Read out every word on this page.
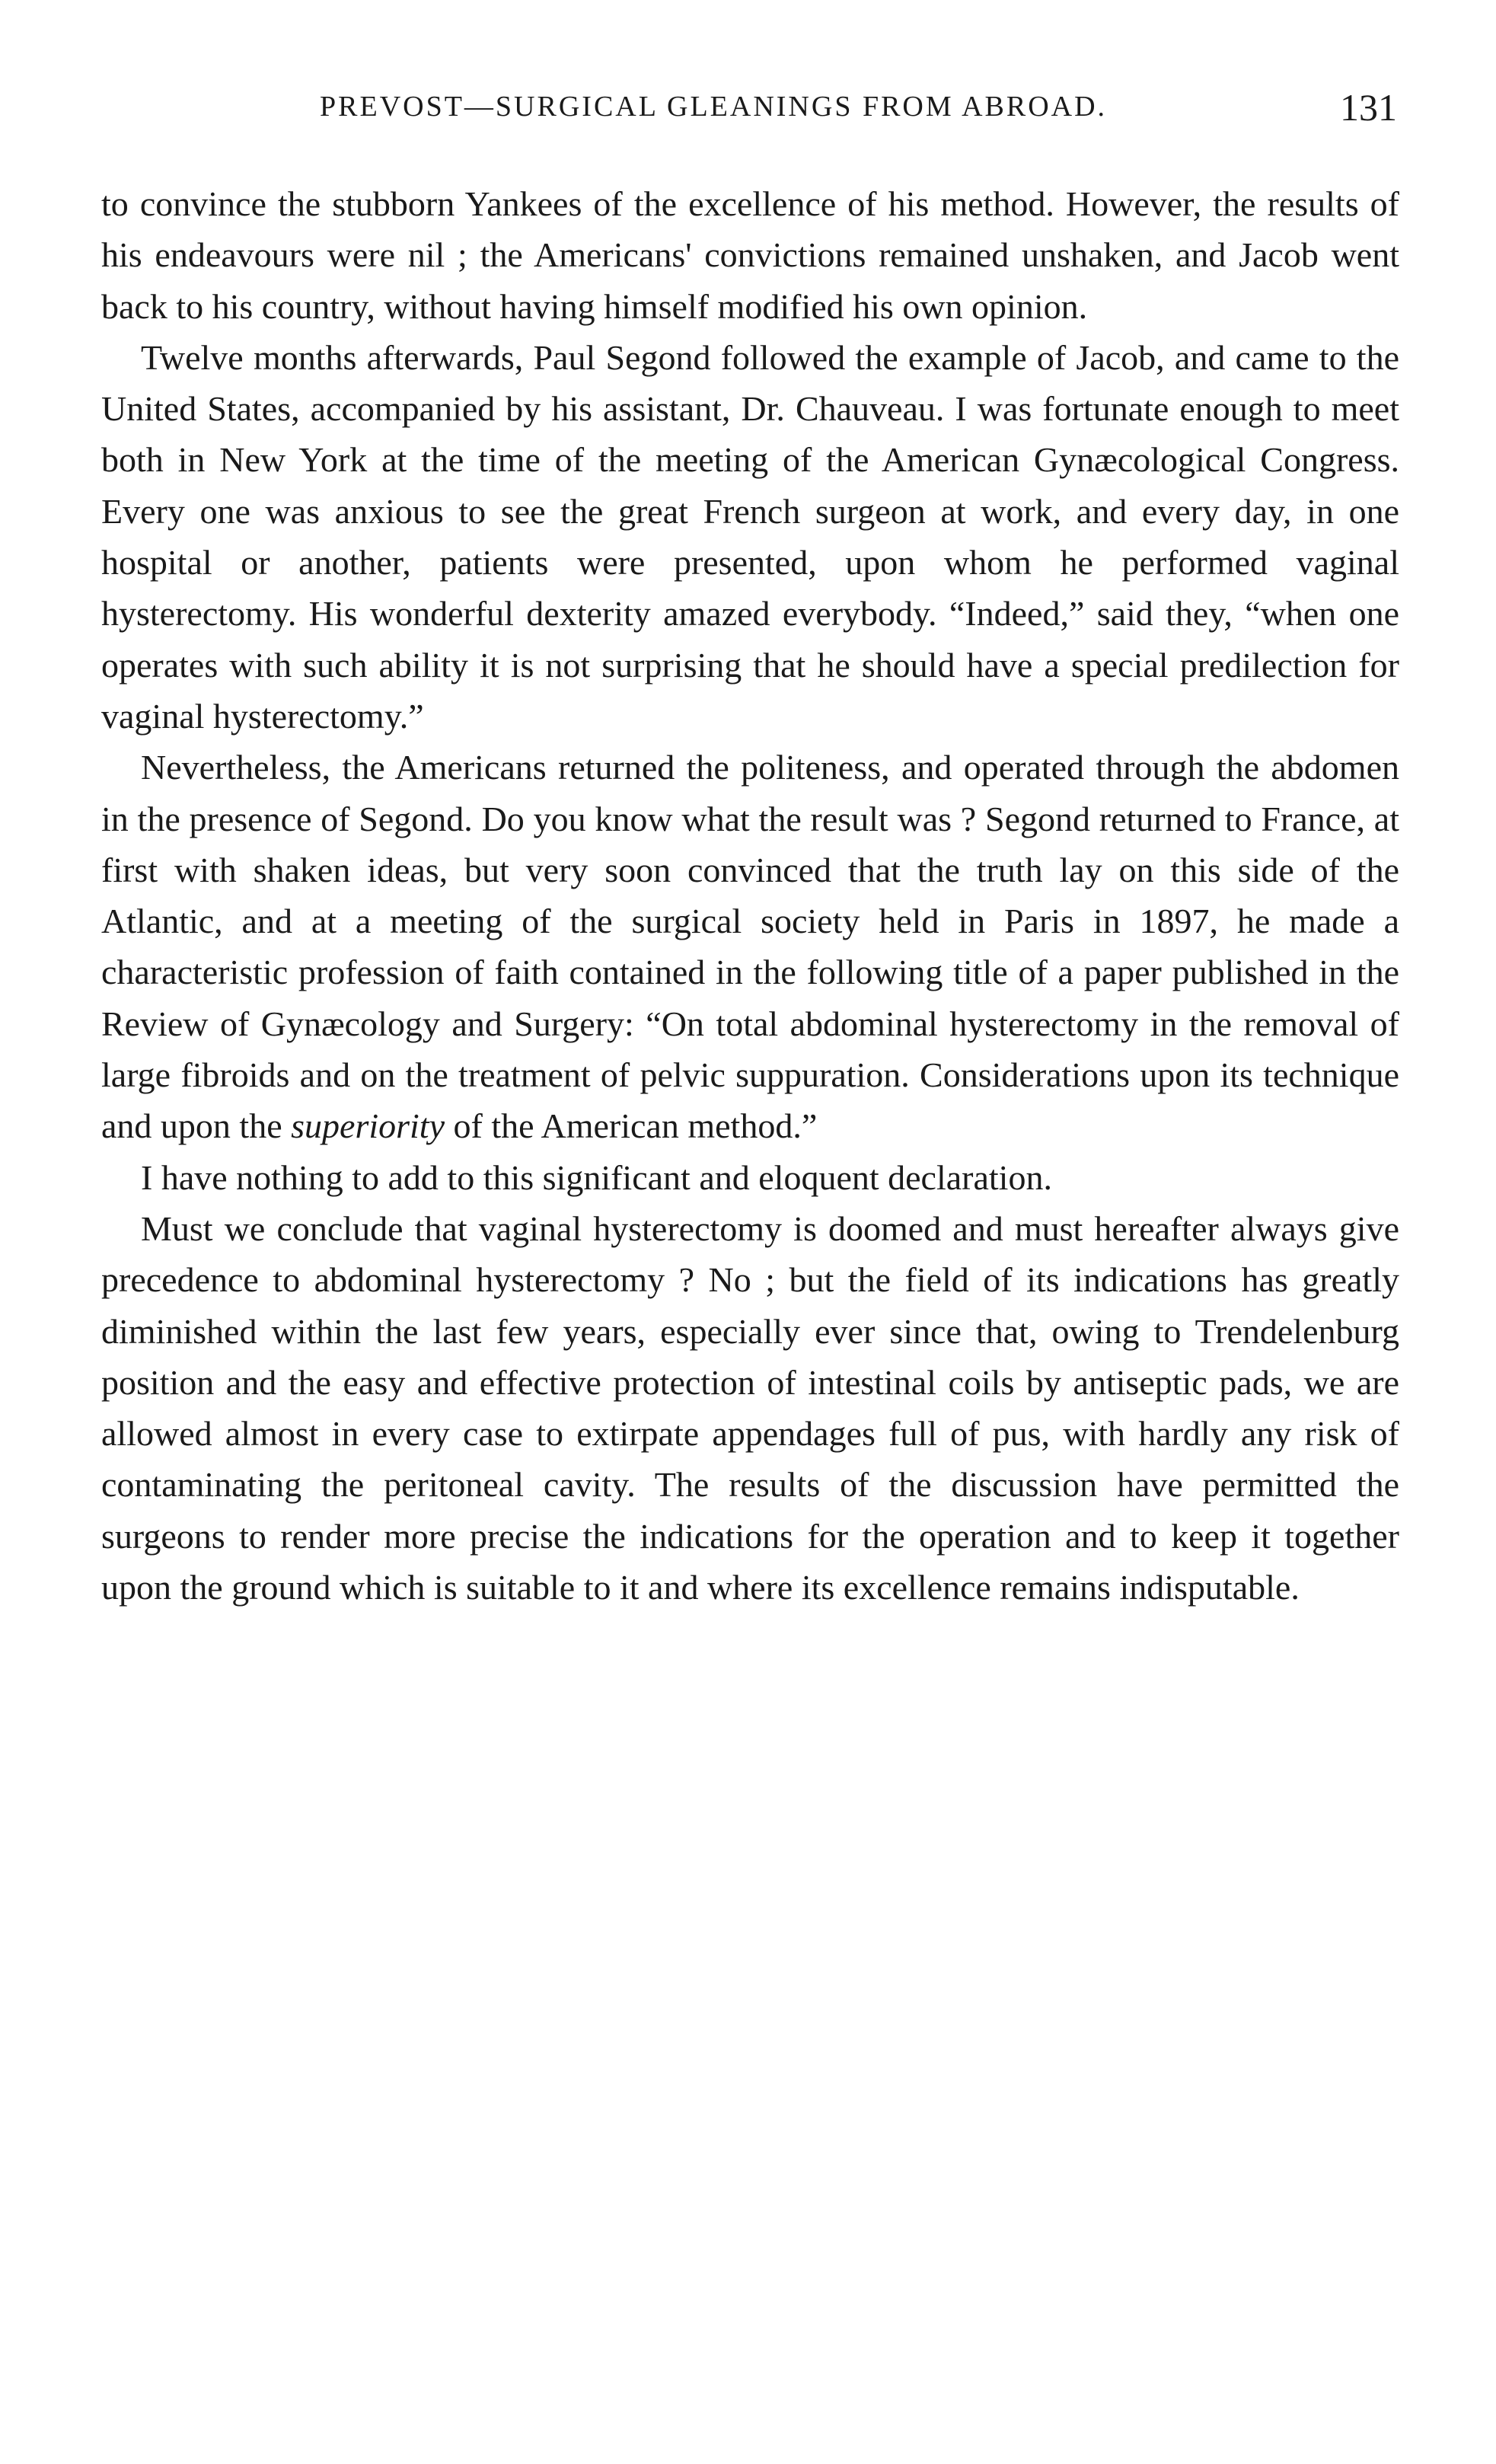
PREVOST—SURGICAL GLEANINGS FROM ABROAD.	131

to convince the stubborn Yankees of the excellence of his method. However, the results of his endeavours were nil ; the Americans' convictions remained unshaken, and Jacob went back to his country, without having himself modified his own opinion.

Twelve months afterwards, Paul Segond followed the example of Jacob, and came to the United States, accompanied by his assistant, Dr. Chauveau. I was fortunate enough to meet both in New York at the time of the meeting of the American Gynæcological Congress. Every one was anxious to see the great French surgeon at work, and every day, in one hospital or another, patients were presented, upon whom he performed vaginal hysterectomy. His wonderful dexterity amazed everybody. “Indeed,” said they, “when one operates with such ability it is not surprising that he should have a special predilection for vaginal hysterectomy.”

Nevertheless, the Americans returned the politeness, and operated through the abdomen in the presence of Segond. Do you know what the result was ? Segond returned to France, at first with shaken ideas, but very soon convinced that the truth lay on this side of the Atlantic, and at a meeting of the surgical society held in Paris in 1897, he made a characteristic profession of faith contained in the following title of a paper published in the Review of Gynæcology and Surgery: “On total abdominal hysterectomy in the removal of large fibroids and on the treatment of pelvic suppuration. Considerations upon its technique and upon the superiority of the American method.”

I have nothing to add to this significant and eloquent declaration.

Must we conclude that vaginal hysterectomy is doomed and must hereafter always give precedence to abdominal hysterectomy ? No ; but the field of its indications has greatly diminished within the last few years, especially ever since that, owing to Trendelenburg position and the easy and effective protection of intestinal coils by antiseptic pads, we are allowed almost in every case to extirpate appendages full of pus, with hardly any risk of contaminating the peritoneal cavity. The results of the discussion have permitted the surgeons to render more precise the indications for the operation and to keep it together upon the ground which is suitable to it and where its excellence remains indisputable.
